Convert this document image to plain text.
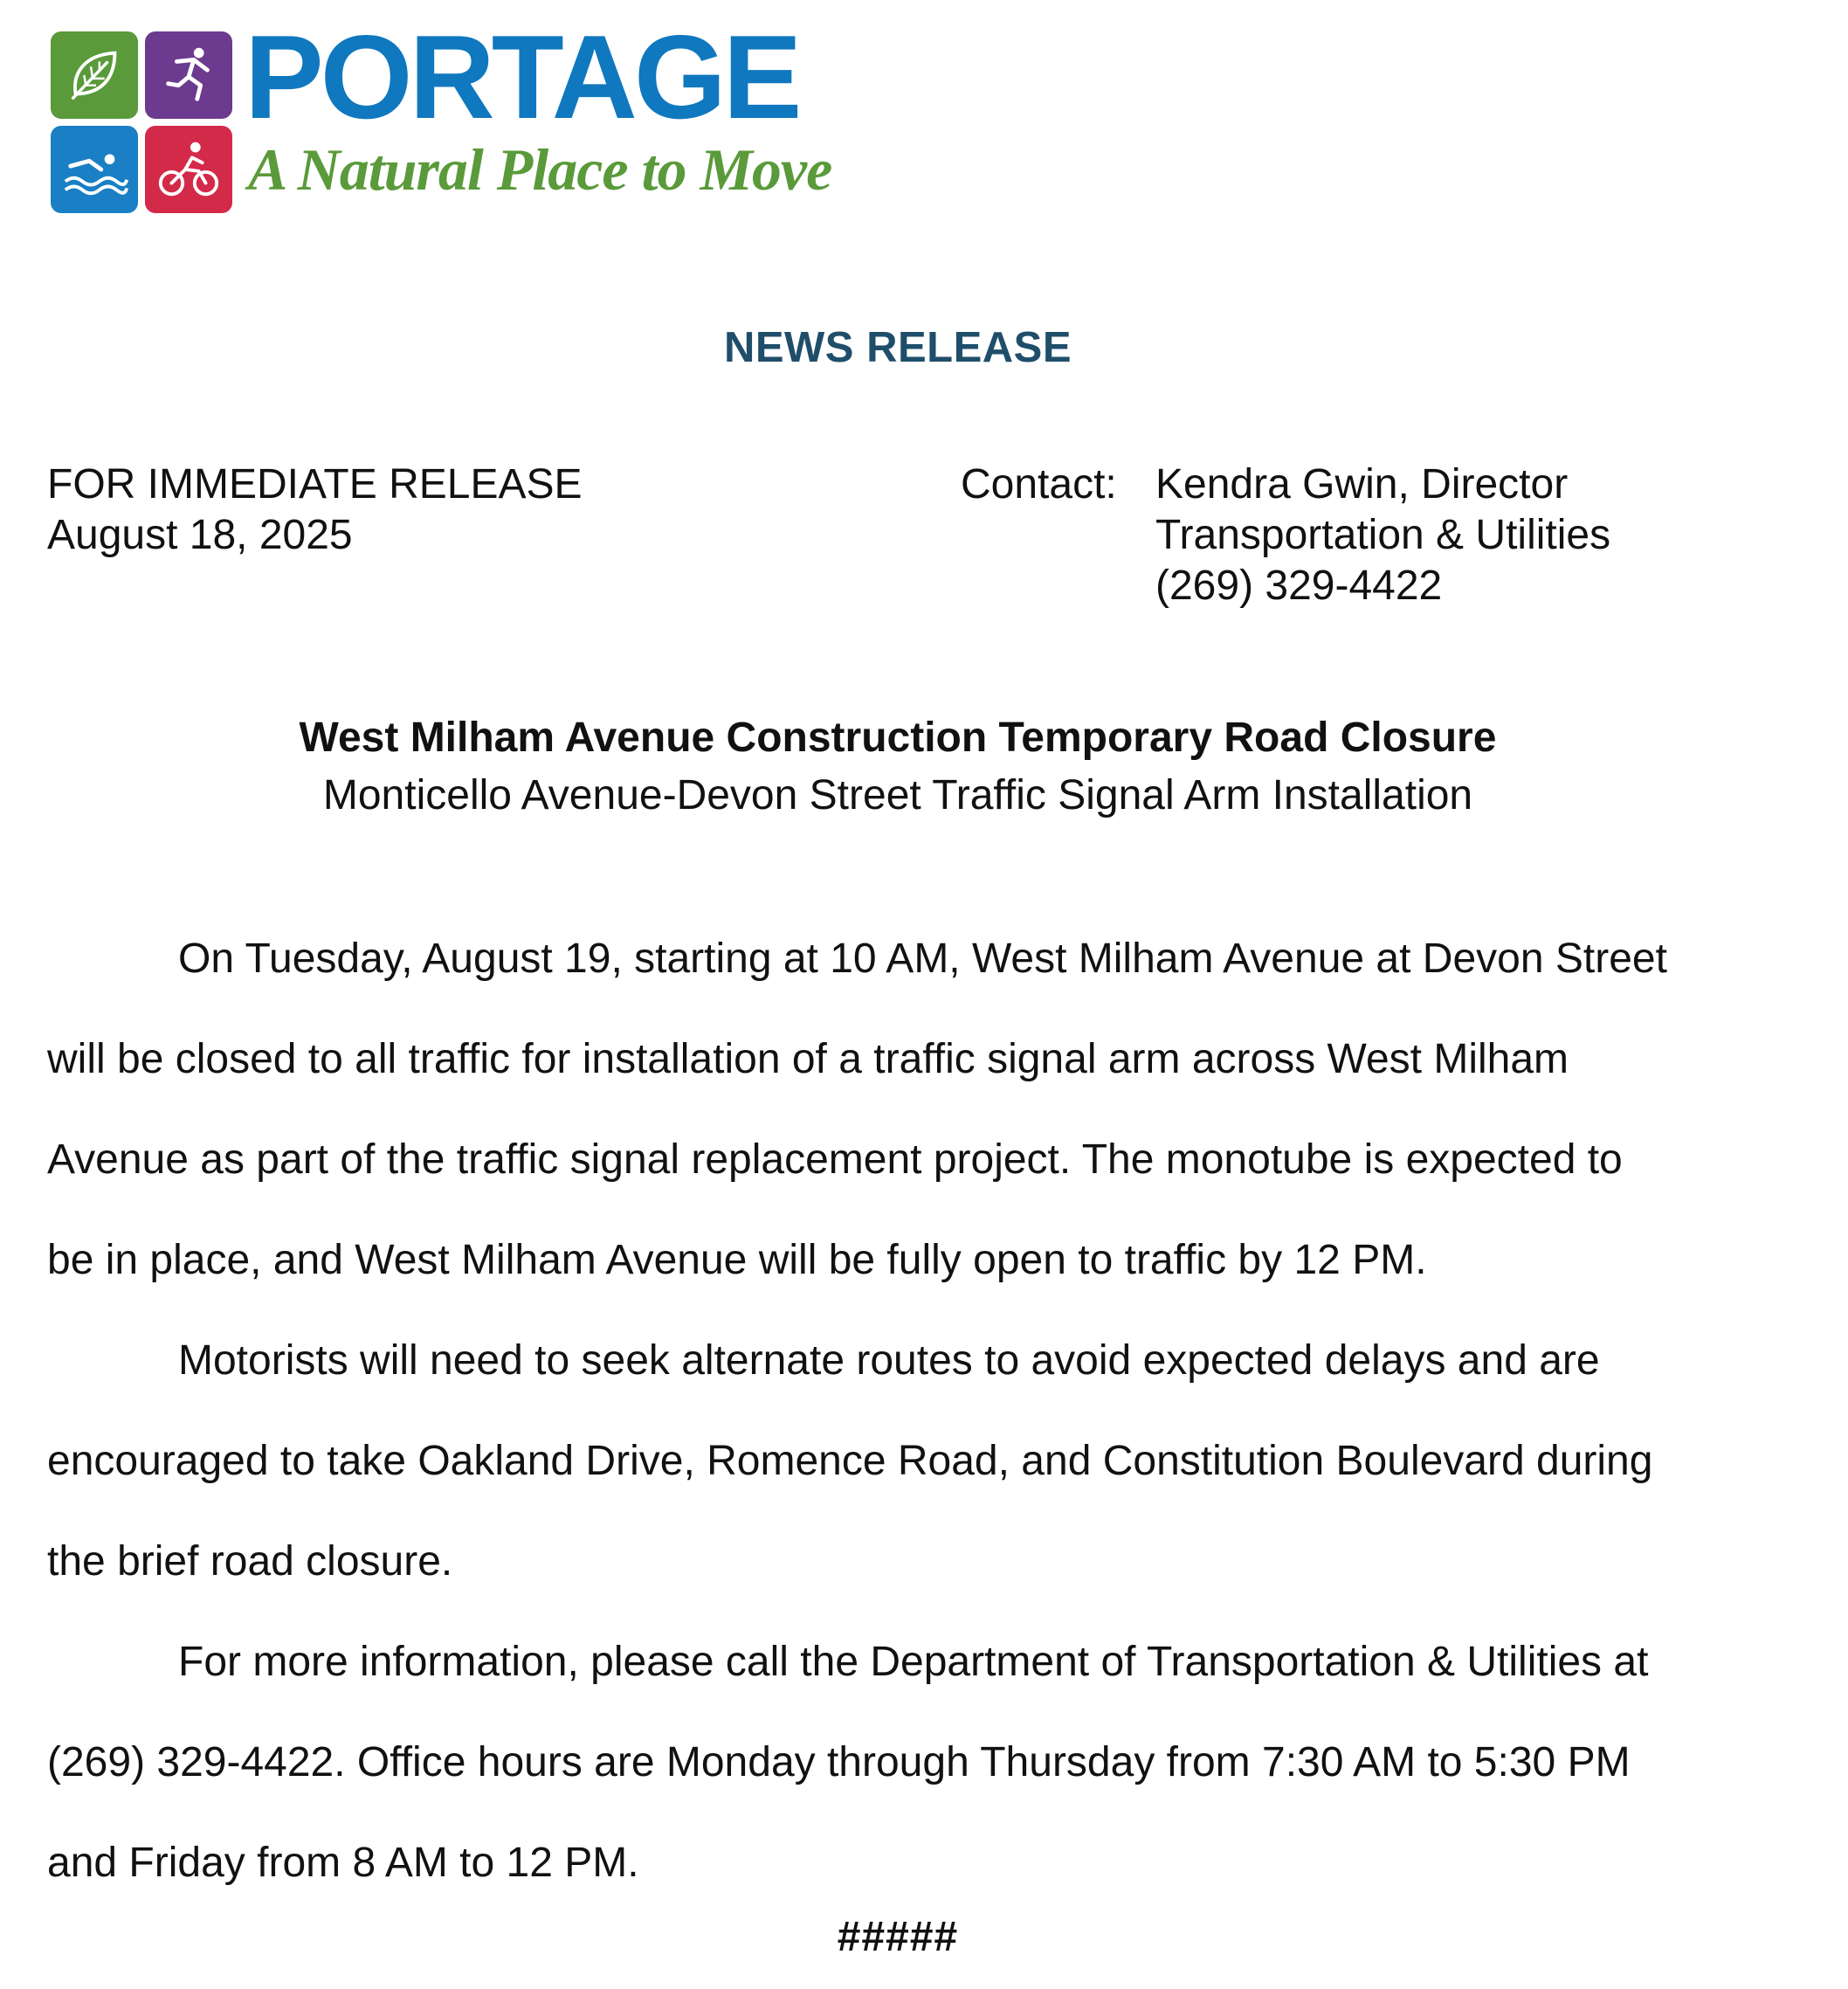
PORTAGE
A Natural Place to Move
NEWS RELEASE
FOR IMMEDIATE RELEASE
August 18, 2025
Contact: Kendra Gwin, Director
Transportation & Utilities
(269) 329-4422
West Milham Avenue Construction Temporary Road Closure
Monticello Avenue-Devon Street Traffic Signal Arm Installation
On Tuesday, August 19, starting at 10 AM, West Milham Avenue at Devon Street
will be closed to all traffic for installation of a traffic signal arm across West Milham
Avenue as part of the traffic signal replacement project. The monotube is expected to
be in place, and West Milham Avenue will be fully open to traffic by 12 PM.
Motorists will need to seek alternate routes to avoid expected delays and are
encouraged to take Oakland Drive, Romence Road, and Constitution Boulevard during
the brief road closure.
For more information, please call the Department of Transportation & Utilities at
(269) 329-4422. Office hours are Monday through Thursday from 7:30 AM to 5:30 PM
and Friday from 8 AM to 12 PM.
#####
